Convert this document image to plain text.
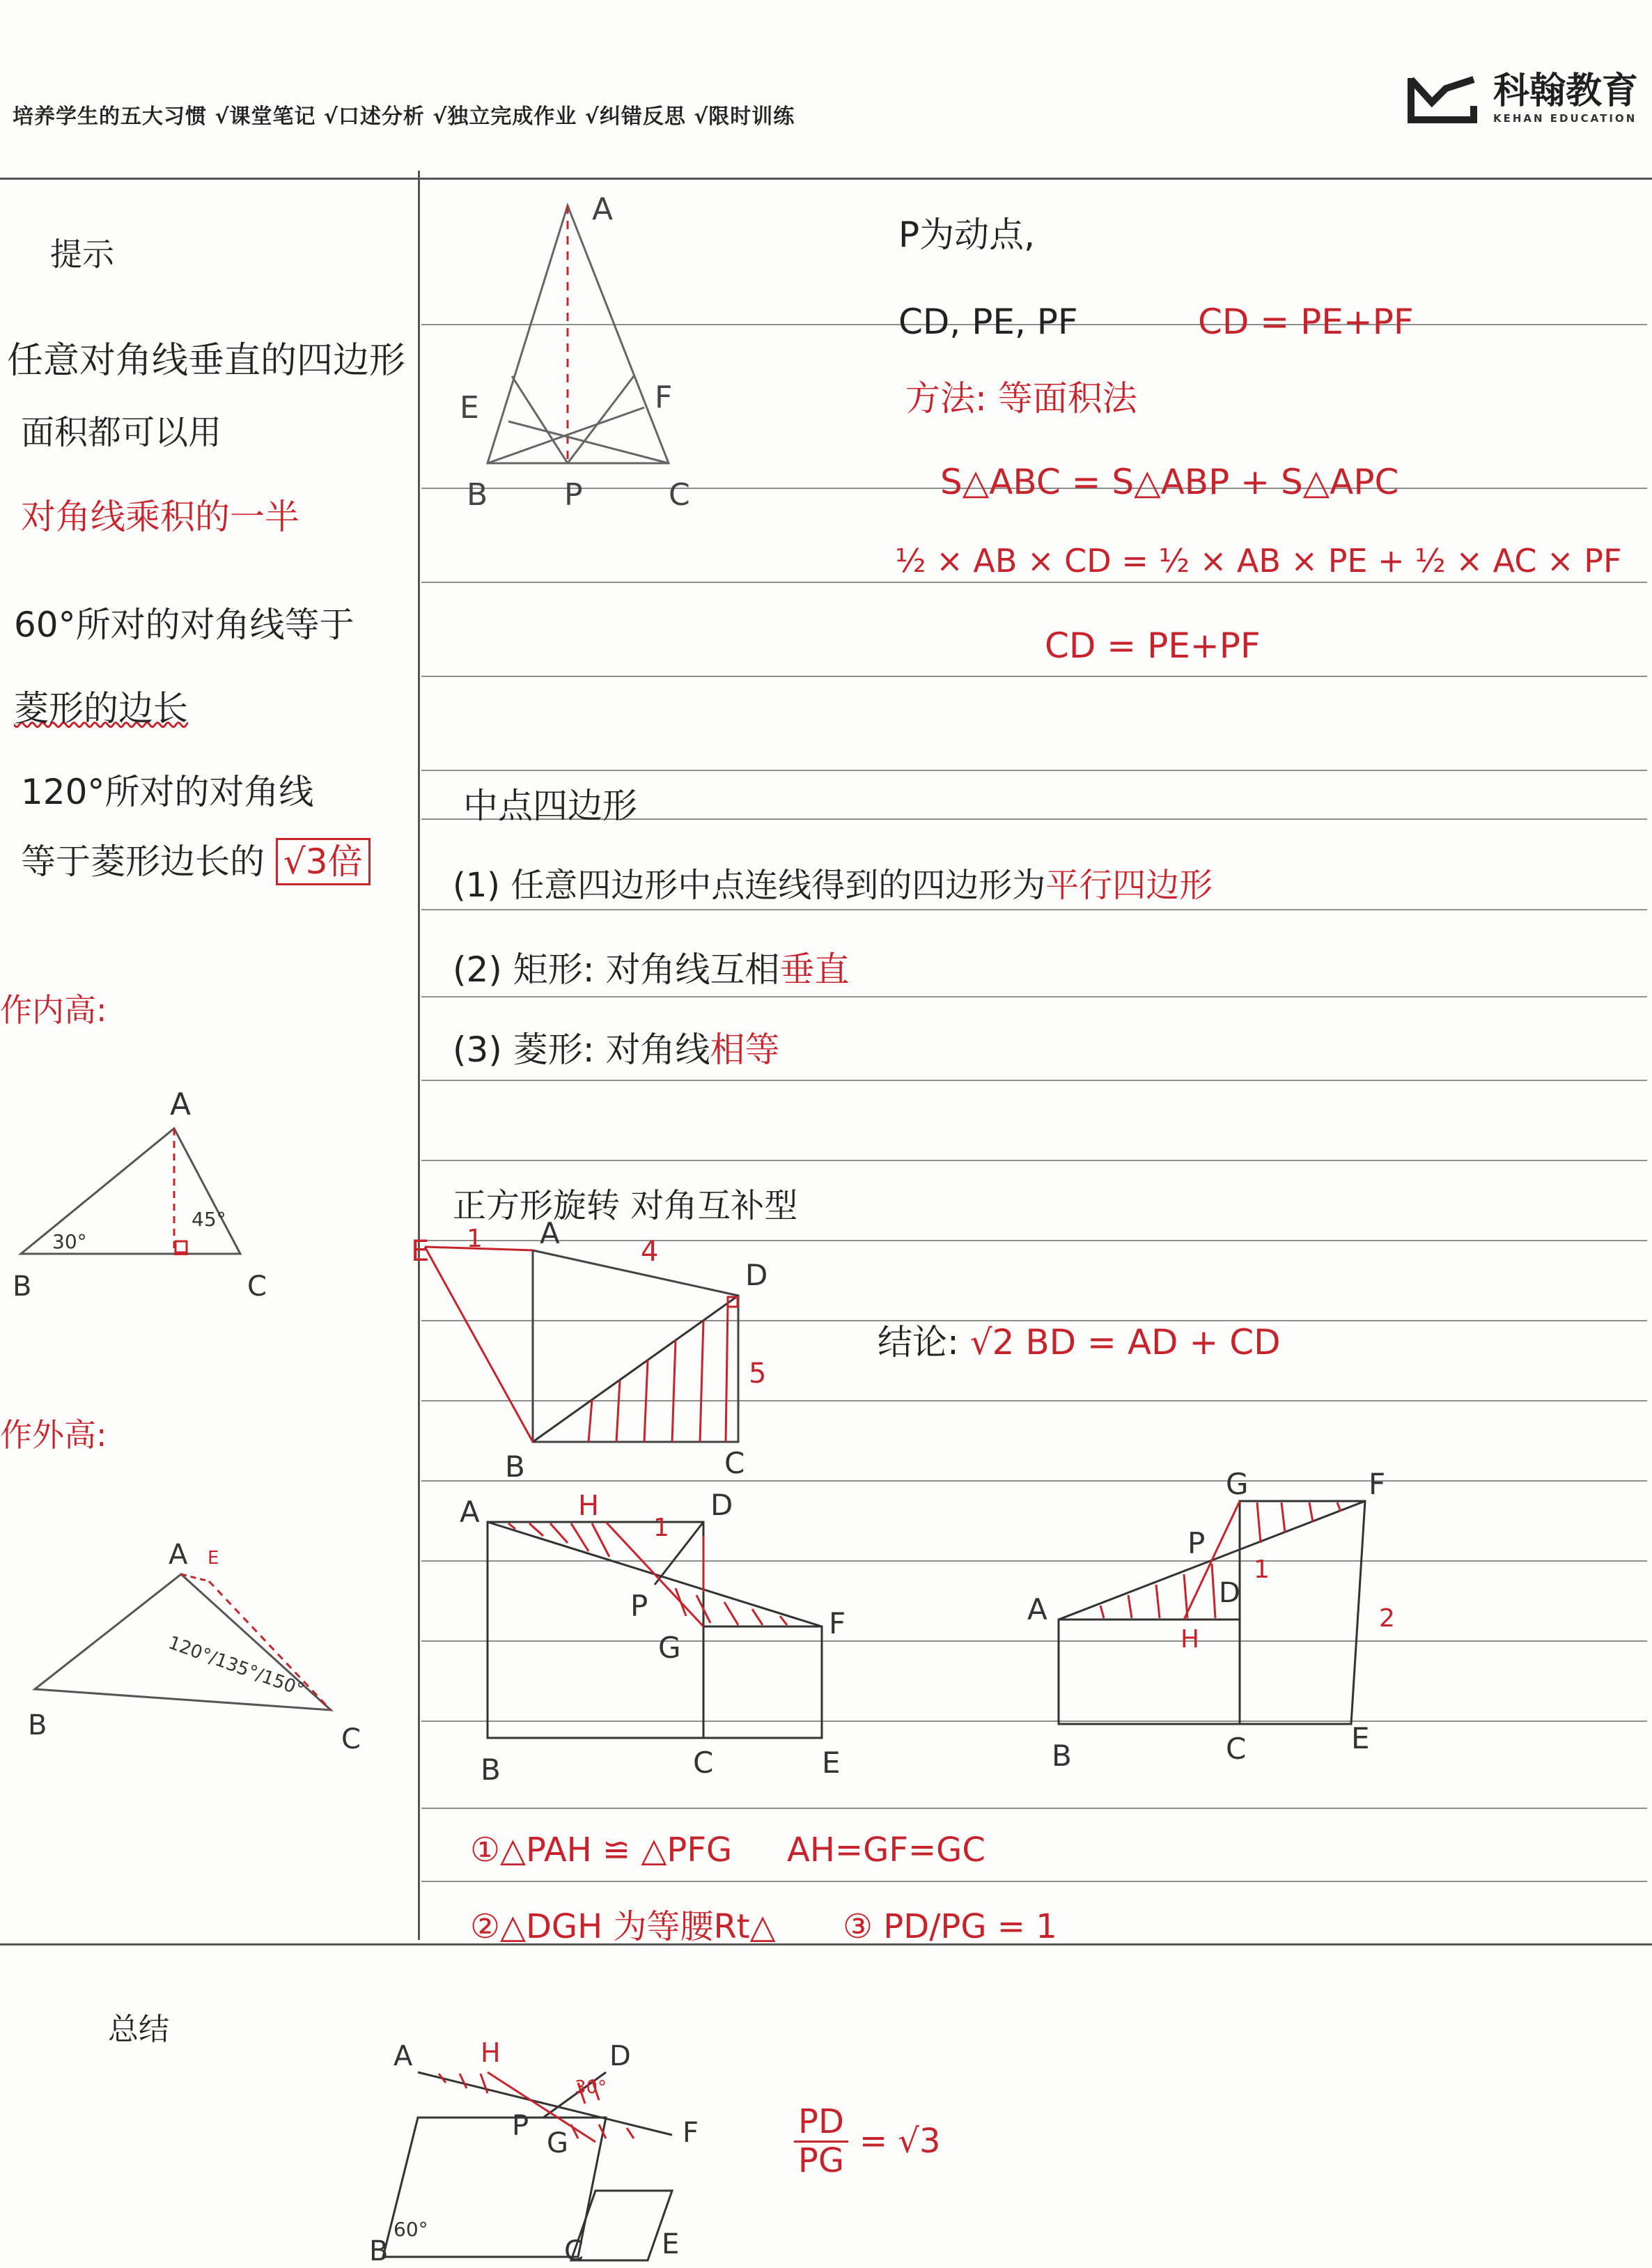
培养学生的五大习惯 √课堂笔记 √口述分析 √独立完成作业 √纠错反思 √限时训练
科翰教育
KEHAN EDUCATION
提示
任意对角线垂直的四边形
面积都可以用
对角线乘积的一半
60°所对的对角线等于
菱形的边长
120°所对的对角线
等于菱形边长的 √3倍
作内高:
作外高:
A
B	C
30°
45°
A E
B	C
120°/135°/150°
A
E	F
B P	C
P为动点,
CD, PE, PF	CD = PE+PF
方法: 等面积法
S△ABC = S△ABP + S△APC
½ × AB × CD = ½ × AB × PE + ½ × AC × PF
CD = PE+PF
中点四边形
(1) 任意四边形中点连线得到的四边形为平行四边形
(2) 矩形: 对角线互相垂直
(3) 菱形: 对角线相等
正方形旋转 对角互补型
E
A
D
B	C
1	4
5
结论: √2 BD = AD + CD
A	H	D
P
G
F
B	C	E
1
G	F
P
A	D
H
B	C	E
1
2
①△PAH ≌ △PFG AH=GF=GC
②△DGH 为等腰Rt△ ③ PD/PG = 1
总结
A	H	D
P
G	F
B	C	E
30°
60°
$\frac{PD}{PG} = √3$
